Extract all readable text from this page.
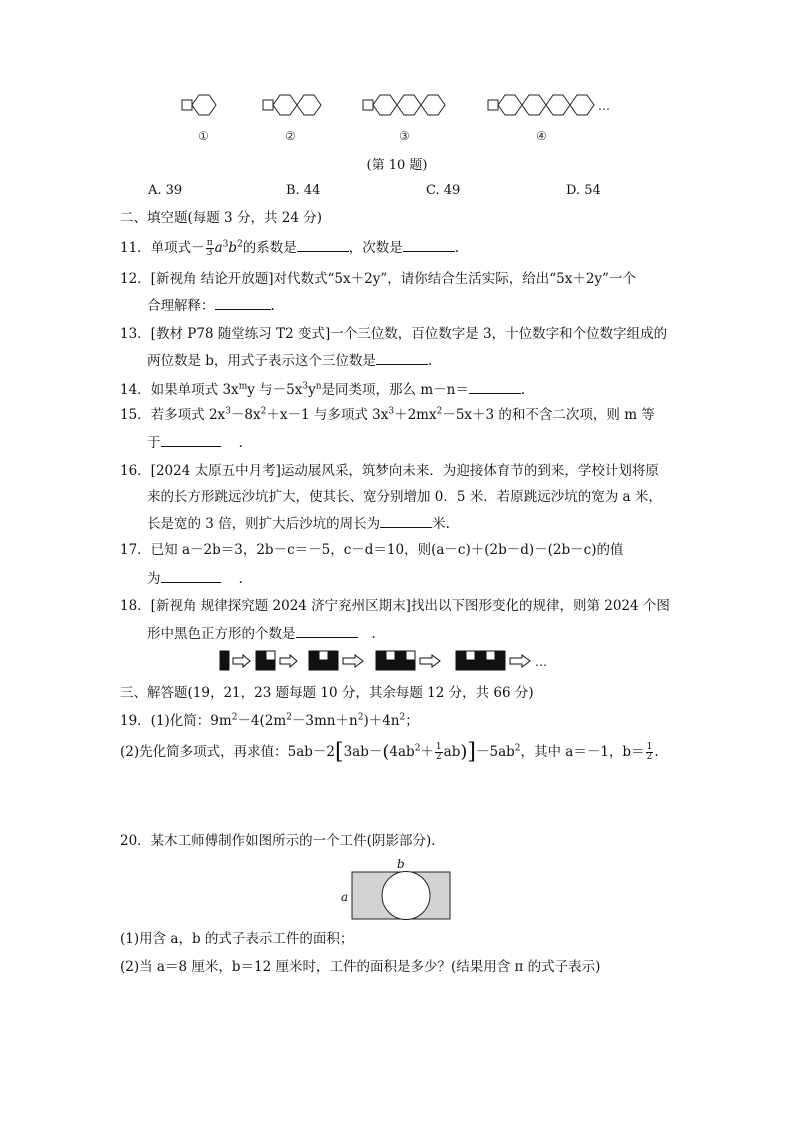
…
①	②	③	④
(第 10 题)
A. 39	B. 44	C. 49	D. 54
二、填空题(每题 3 分，共 24 分)
11．单项式－ $\frac{\pi}{3} a^3b^2$的系数是	，次数是	.
12．[新视角 结论开放题]对代数式“5x＋2y”，请你结合生活实际，给出“5x＋2y”一个
合理解释：	.
13．[教材 P78 随堂练习 T2 变式]一个三位数，百位数字是 3，十位数字和个位数字组成的
两位数是 b，用式子表示这个三位数是	.
14．如果单项式 $3x^my$ 与$-5x^3y^n$是同类项，那么 m－n＝	.
15．若多项式 $2x^3-8x^2+x-1$ 与多项式 $3x^3+2mx^2-5x+3$ 的和不含二次项，则 m 等
于	.
16．[2024 太原五中月考]运动展风采，筑梦向未来．为迎接体育节的到来，学校计划将原
来的长方形跳远沙坑扩大，使其长、宽分别增加 0．5 米．若原跳远沙坑的宽为 a 米，
长是宽的 3 倍，则扩大后沙坑的周长为	米.
17．已知 a－2b＝3，2b－c＝－5，c－d＝10，则(a－c)＋(2b－d)－(2b－c)的值
为	.
18．[新视角 规律探究题 2024 济宁兖州区期末]找出以下图形变化的规律，则第 2024 个图
形中黑色正方形的个数是	.
…
三、解答题(19，21，23 题每题 10 分，其余每题 12 分，共 66 分)
19．(1)化简：$9m^2-4(2m^2-3mn+n^2)+4n^2$；
(2)先化简多项式，再求值：$5ab-2[3ab-(4ab^2+ \frac{1}{2} ab)]-5ab^2$，其中 a＝－1，$b= \frac{1}{2}$ .
20．某木工师傅制作如图所示的一个工件(阴影部分)．
b
a
(1)用含 a，b 的式子表示工件的面积；
(2)当 a＝8 厘米，b＝12 厘米时，工件的面积是多少？(结果用含 π 的式子表示)
